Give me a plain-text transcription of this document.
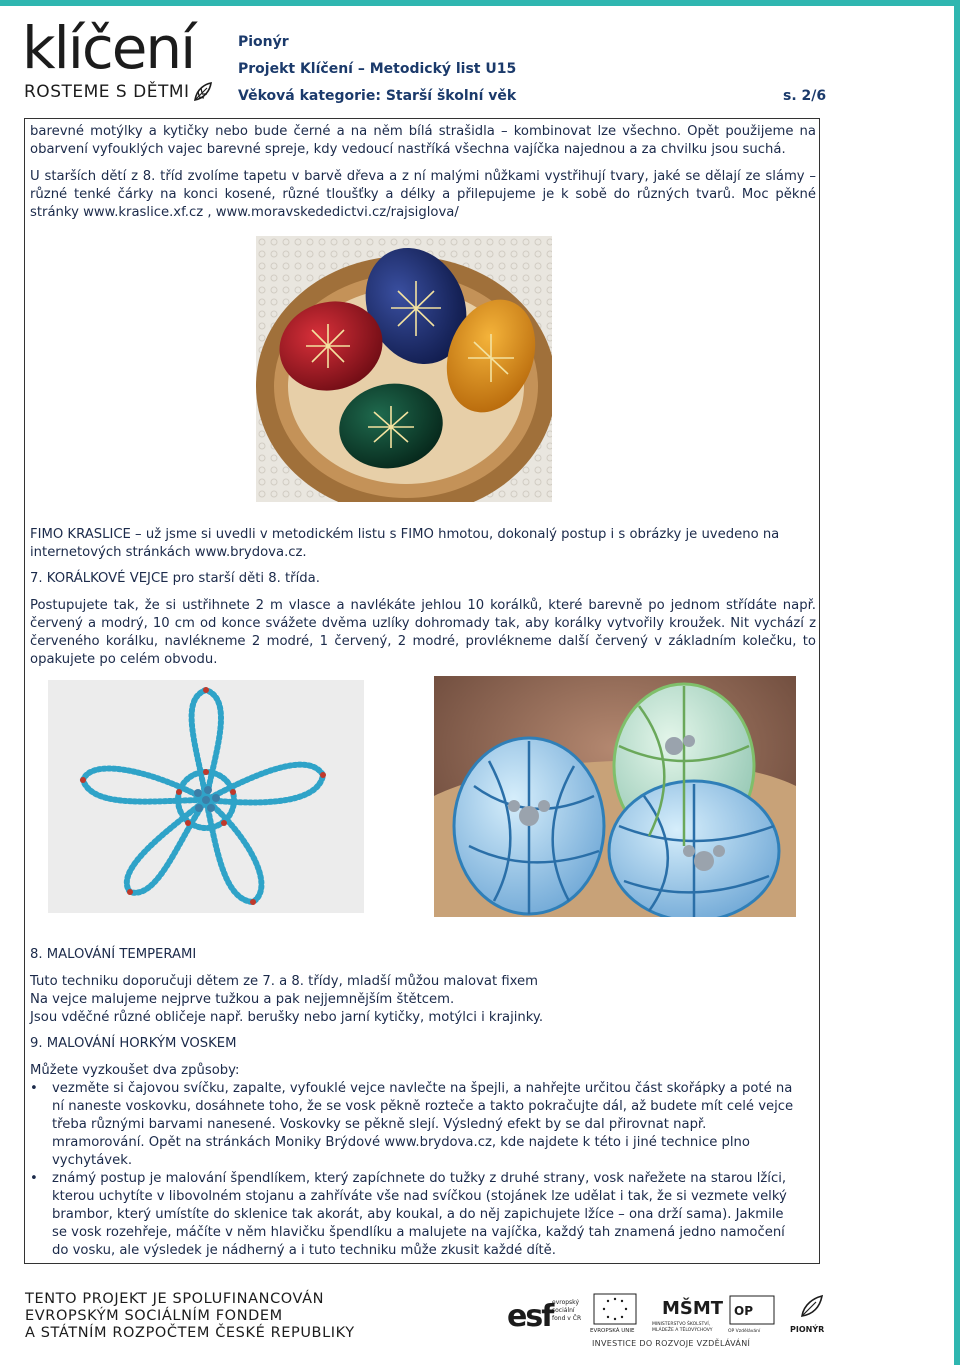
klíčení
ROSTEME S DĚTMI
Pionýr
Projekt Klíčení – Metodický list U15
Věková kategorie: Starší školní věk	s. 2/6

barevné motýlky a kytičky nebo bude černé a na něm bílá strašidla – kombinovat lze všechno. Opět použijeme na obarvení vyfouklých vajec barevné spreje, kdy vedoucí nastříká všechna vajíčka najednou a za chvilku jsou suchá.

U starších dětí z 8. tříd zvolíme tapetu v barvě dřeva a z ní malými nůžkami vystřihují tvary, jaké se dělají ze slámy – různé tenké čárky na konci kosené, různé tloušťky a délky a přilepujeme je k sobě do různých tvarů. Moc pěkné stránky www.kraslice.xf.cz , www.moravskededictvi.cz/rajsiglova/

FIMO KRASLICE – už jsme si uvedli v metodickém listu s FIMO hmotou, dokonalý postup i s obrázky je uvedeno na internetových stránkách www.brydova.cz.

7. KORÁLKOVÉ VEJCE pro starší děti 8. třída.

Postupujete tak, že si ustřihnete 2 m vlasce a navlékáte jehlou 10 korálků, které barevně po jednom střídáte např. červený a modrý, 10 cm od konce svážete dvěma uzlíky dohromady tak, aby korálky vytvořily kroužek. Nit vychází z červeného korálku, navlékneme 2 modré, 1 červený, 2 modré, provlékneme další červený v základním kolečku, to opakujete po celém obvodu.

8. MALOVÁNÍ TEMPERAMI

Tuto techniku doporučuji dětem ze 7. a 8. třídy, mladší můžou malovat fixem
Na vejce malujeme nejprve tužkou a pak nejjemnějším štětcem.
Jsou vděčné různé obličeje např. berušky nebo jarní kytičky, motýlci i krajinky.

9. MALOVÁNÍ HORKÝM VOSKEM

Můžete vyzkoušet dva způsoby:

• vezměte si čajovou svíčku, zapalte, vyfouklé vejce navlečte na špejli, a nahřejte určitou část skořápky a poté na ní naneste voskovku, dosáhnete toho, že se vosk pěkně rozteče a takto pokračujte dál, až budete mít celé vejce třeba různými barvami nanesené. Voskovky se pěkně slejí. Výsledný efekt by se dal přirovnat např. mramorování. Opět na stránkách Moniky Brýdové www.brydova.cz, kde najdete k této i jiné technice plno vychytávek.
• známý postup je malování špendlíkem, který zapíchnete do tužky z druhé strany, vosk nařežete na starou lžíci, kterou uchytíte v libovolném stojanu a zahříváte vše nad svíčkou (stojánek lze udělat i tak, že si vezmete velký brambor, který umístíte do sklenice tak akorát, aby koukal, a do něj zapichujete lžíce – ona drží sama). Jakmile se vosk rozehřeje, máčíte v něm hlavičku špendlíku a malujete na vajíčka, každý tah znamená jedno namočení do vosku, ale výsledek je nádherný a i tuto techniku může zkusit každé dítě.
TENTO PROJEKT JE SPOLUFINANCOVÁN
EVROPSKÝM SOCIÁLNÍM FONDEM
A STÁTNÍM ROZPOČTEM ČESKÉ REPUBLIKY	esf evropský
sociální
fond v ČR
EVROPSKÁ UNIE
MŠMT
MINISTERSTVO ŠKOLSTVÍ,
MLÁDEŽE A TĚLOVÝCHOVY
OP
OP Vzdělávání	PIONÝR
INVESTICE DO ROZVOJE VZDĚLÁVÁNÍ
